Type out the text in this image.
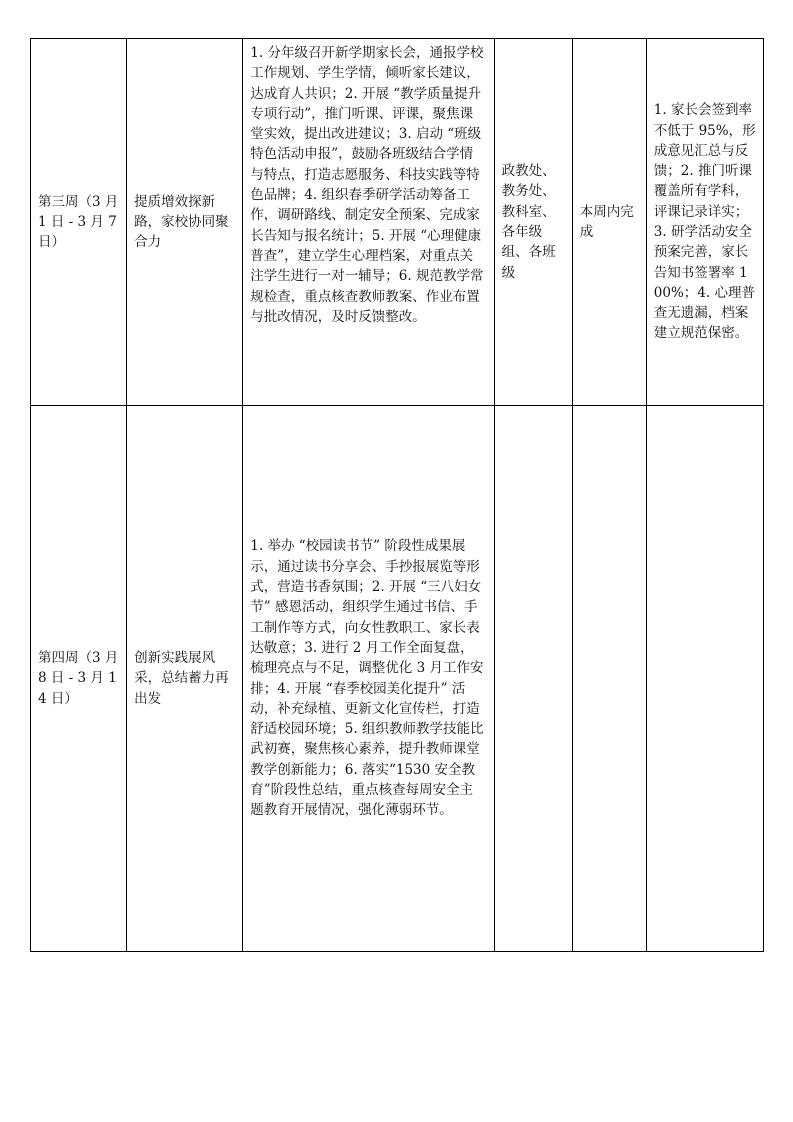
第三周（3 月 1 日 - 3 月 7 日）	提质增效探新路，家校协同聚合力	1. 分年级召开新学期家长会，通报学校工作规划、学生学情，倾听家长建议，达成育人共识；2. 开展 “教学质量提升专项行动”，推门听课、评课，聚焦课堂实效，提出改进建议；3. 启动 “班级特色活动申报”，鼓励各班级结合学情与特点，打造志愿服务、科技实践等特色品牌；4. 组织春季研学活动筹备工作，调研路线、制定安全预案、完成家长告知与报名统计；5. 开展 “心理健康普查”，建立学生心理档案，对重点关注学生进行一对一辅导；6. 规范教学常规检查，重点核查教师教案、作业布置与批改情况，及时反馈整改。	政教处、教务处、教科室、各年级组、各班级	本周内完成	1. 家长会签到率不低于 95%，形成意见汇总与反馈；2. 推门听课覆盖所有学科，评课记录详实；3. 研学活动安全预案完善，家长告知书签署率 100%；4. 心理普查无遗漏，档案建立规范保密。
第四周（3 月 8 日 - 3 月 14 日）	创新实践展风采，总结蓄力再出发	1. 举办 “校园读书节” 阶段性成果展示，通过读书分享会、手抄报展览等形式，营造书香氛围；2. 开展 “三八妇女节” 感恩活动，组织学生通过书信、手工制作等方式，向女性教职工、家长表达敬意；3. 进行 2 月工作全面复盘，梳理亮点与不足，调整优化 3 月工作安排；4. 开展 “春季校园美化提升” 活动，补充绿植、更新文化宣传栏，打造舒适校园环境；5. 组织教师教学技能比武初赛，聚焦核心素养，提升教师课堂教学创新能力；6. 落实“1530 安全教育”阶段性总结，重点核查每周安全主题教育开展情况，强化薄弱环节。			
